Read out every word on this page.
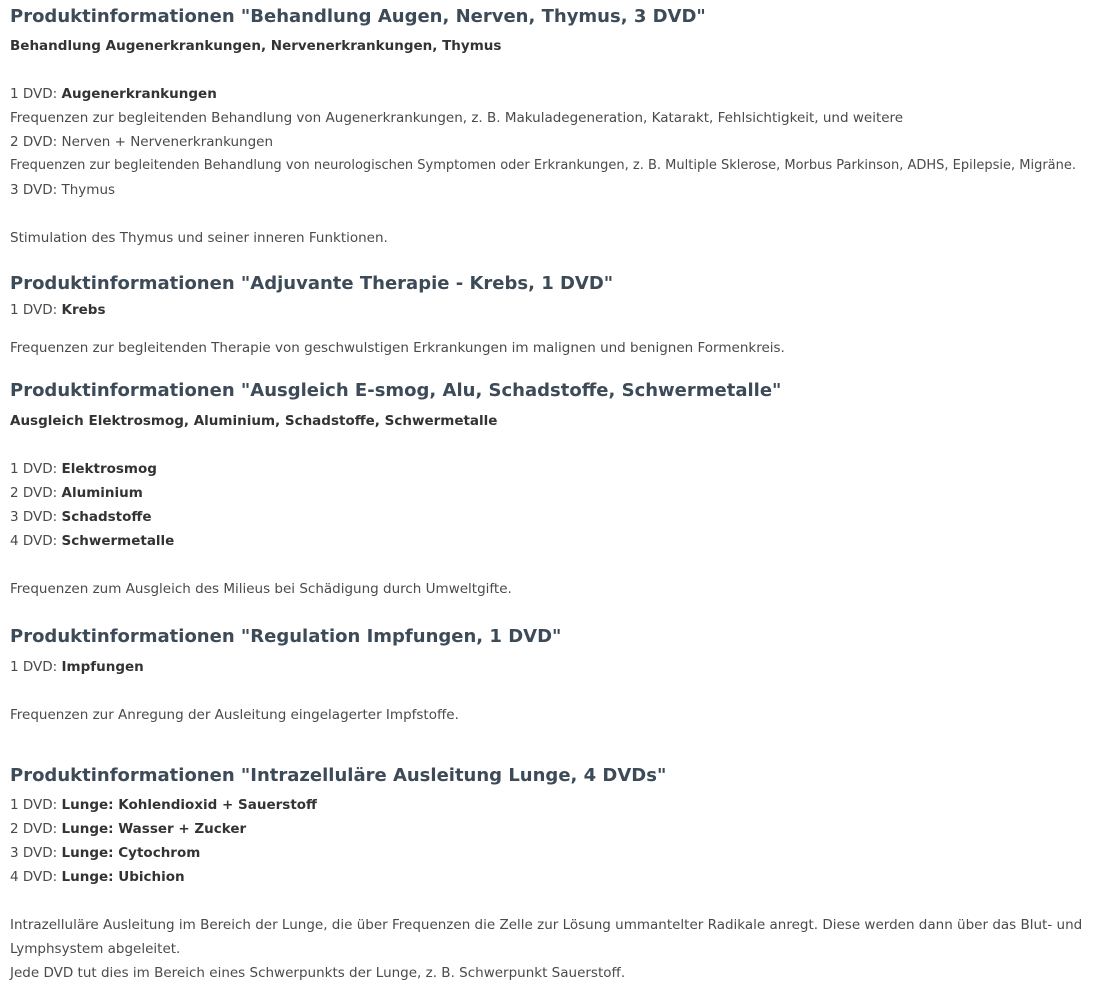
Produktinformationen "Behandlung Augen, Nerven, Thymus, 3 DVD"
Behandlung Augenerkrankungen, Nervenerkrankungen, Thymus
1 DVD: Augenerkrankungen
Frequenzen zur begleitenden Behandlung von Augenerkrankungen, z. B. Makuladegeneration, Katarakt, Fehlsichtigkeit, und weitere
2 DVD: Nerven + Nervenerkrankungen
Frequenzen zur begleitenden Behandlung von neurologischen Symptomen oder Erkrankungen, z. B. Multiple Sklerose, Morbus Parkinson, ADHS, Epilepsie, Migräne.
3 DVD: Thymus
Stimulation des Thymus und seiner inneren Funktionen.
Produktinformationen "Adjuvante Therapie - Krebs, 1 DVD"
1 DVD: Krebs
Frequenzen zur begleitenden Therapie von geschwulstigen Erkrankungen im malignen und benignen Formenkreis.
Produktinformationen "Ausgleich E-smog, Alu, Schadstoffe, Schwermetalle"
Ausgleich Elektrosmog, Aluminium, Schadstoffe, Schwermetalle
1 DVD: Elektrosmog
2 DVD: Aluminium
3 DVD: Schadstoffe
4 DVD: Schwermetalle
Frequenzen zum Ausgleich des Milieus bei Schädigung durch Umweltgifte.
Produktinformationen "Regulation Impfungen, 1 DVD"
1 DVD: Impfungen
Frequenzen zur Anregung der Ausleitung eingelagerter Impfstoffe.
Produktinformationen "Intrazelluläre Ausleitung Lunge, 4 DVDs"
1 DVD: Lunge: Kohlendioxid + Sauerstoff
2 DVD: Lunge: Wasser + Zucker
3 DVD: Lunge: Cytochrom
4 DVD: Lunge: Ubichion
Intrazelluläre Ausleitung im Bereich der Lunge, die über Frequenzen die Zelle zur Lösung ummantelter Radikale anregt. Diese werden dann über das Blut- und
Lymphsystem abgeleitet.
Jede DVD tut dies im Bereich eines Schwerpunkts der Lunge, z. B. Schwerpunkt Sauerstoff.
